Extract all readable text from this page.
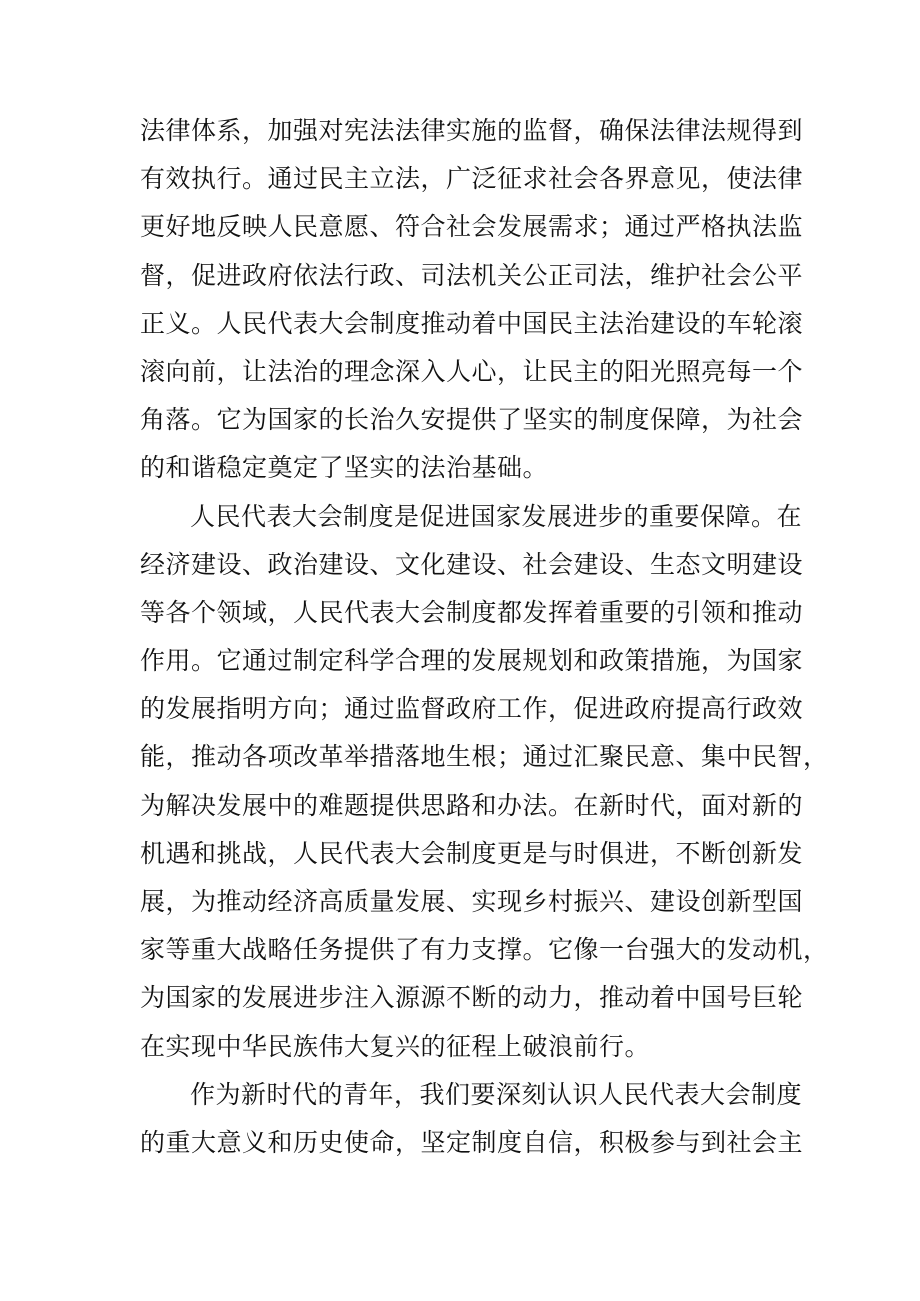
法律体系，加强对宪法法律实施的监督，确保法律法规得到
有效执行。通过民主立法，广泛征求社会各界意见，使法律
更好地反映人民意愿、符合社会发展需求；通过严格执法监
督，促进政府依法行政、司法机关公正司法，维护社会公平
正义。人民代表大会制度推动着中国民主法治建设的车轮滚
滚向前，让法治的理念深入人心，让民主的阳光照亮每一个
角落。它为国家的长治久安提供了坚实的制度保障，为社会
的和谐稳定奠定了坚实的法治基础。
人民代表大会制度是促进国家发展进步的重要保障。在
经济建设、政治建设、文化建设、社会建设、生态文明建设
等各个领域，人民代表大会制度都发挥着重要的引领和推动
作用。它通过制定科学合理的发展规划和政策措施，为国家
的发展指明方向；通过监督政府工作，促进政府提高行政效
能，推动各项改革举措落地生根；通过汇聚民意、集中民智，
为解决发展中的难题提供思路和办法。在新时代，面对新的
机遇和挑战，人民代表大会制度更是与时俱进，不断创新发
展，为推动经济高质量发展、实现乡村振兴、建设创新型国
家等重大战略任务提供了有力支撑。它像一台强大的发动机，
为国家的发展进步注入源源不断的动力，推动着中国号巨轮
在实现中华民族伟大复兴的征程上破浪前行。
作为新时代的青年，我们要深刻认识人民代表大会制度
的重大意义和历史使命，坚定制度自信，积极参与到社会主
